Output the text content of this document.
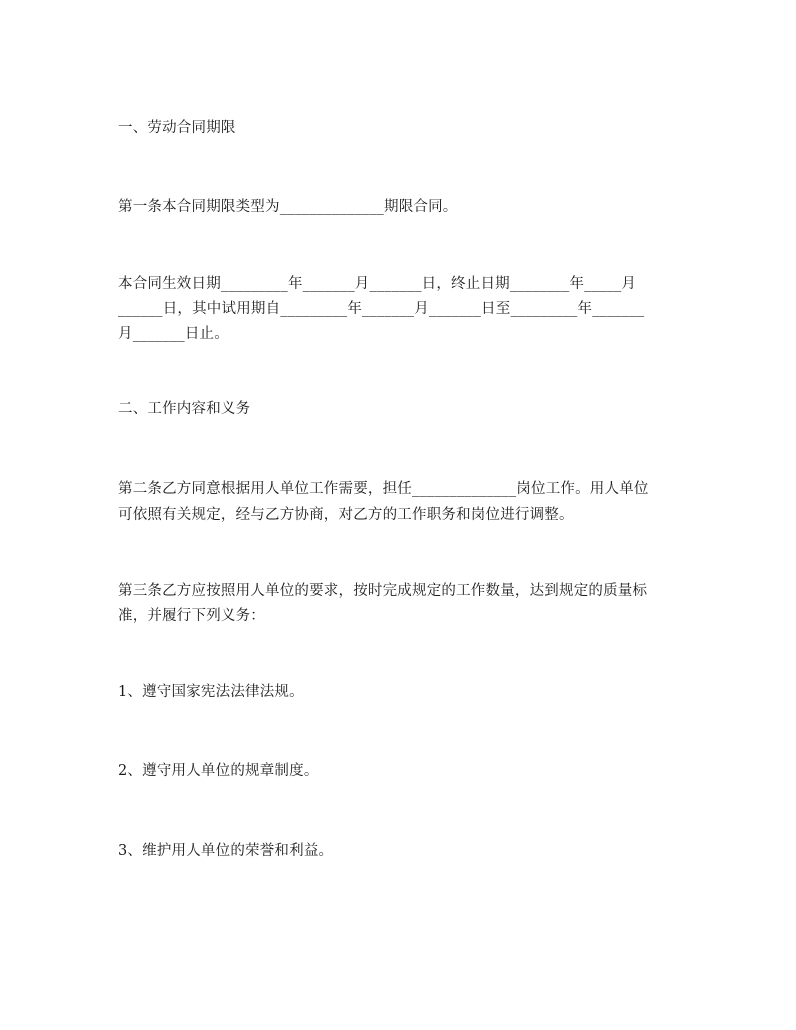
一、劳动合同期限
第一条本合同期限类型为______________期限合同。
本合同生效日期_________年_______月_______日，终止日期________年_____月
______日，其中试用期自_________年_______月_______日至_________年_______
月_______日止。
二、工作内容和义务
第二条乙方同意根据用人单位工作需要，担任______________岗位工作。用人单位
可依照有关规定，经与乙方协商，对乙方的工作职务和岗位进行调整。
第三条乙方应按照用人单位的要求，按时完成规定的工作数量，达到规定的质量标
准，并履行下列义务：
1、遵守国家宪法法律法规。
2、遵守用人单位的规章制度。
3、维护用人单位的荣誉和利益。
